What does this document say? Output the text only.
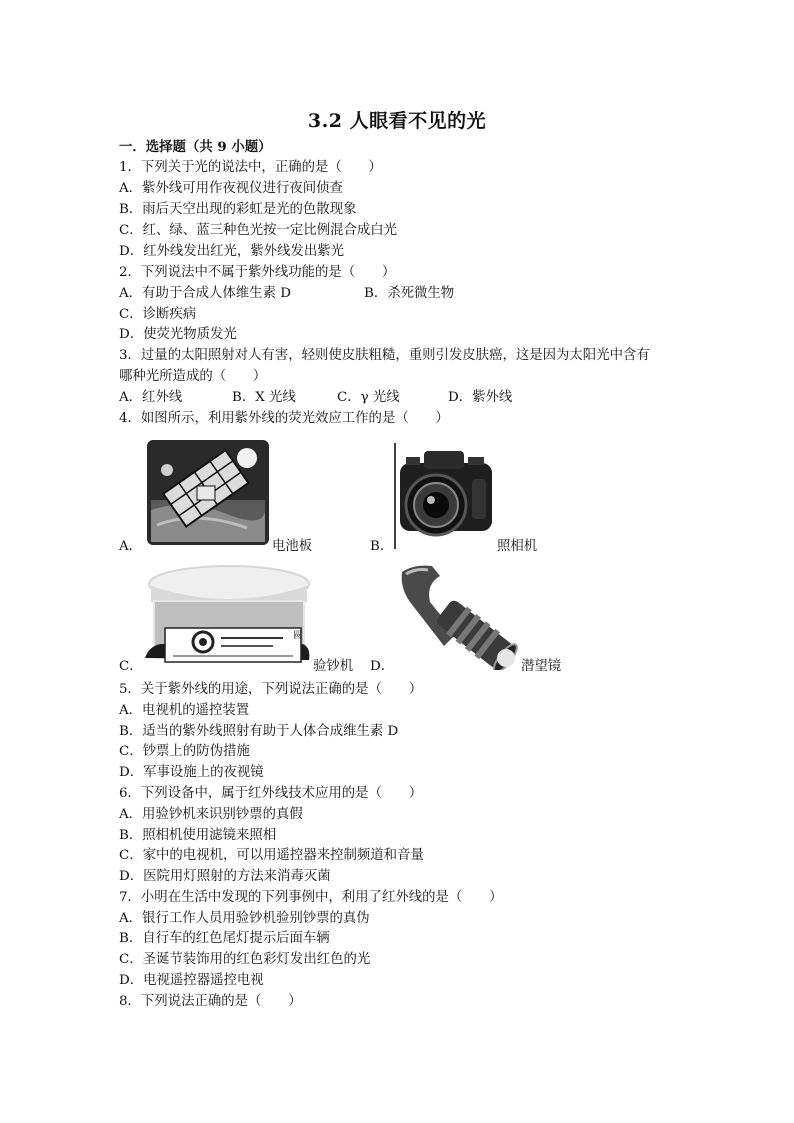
3.2 人眼看不见的光
一．选择题（共 9 小题）
1．下列关于光的说法中，正确的是（　　）
A．紫外线可用作夜视仪进行夜间侦查
B．雨后天空出现的彩虹是光的色散现象
C．红、绿、蓝三种色光按一定比例混合成白光
D．红外线发出红光，紫外线发出紫光
2．下列说法中不属于紫外线功能的是（　　）
A．有助于合成人体维生素 D	B．杀死微生物
C．诊断疾病
D．使荧光物质发光
3．过量的太阳照射对人有害，轻则使皮肤粗糙，重则引发皮肤癌，这是因为太阳光中含有
哪种光所造成的（　　）
A．红外线	B．X 光线	C．γ 光线	D．紫外线
4．如图所示，利用紫外线的荧光效应工作的是（　　）
A．	电池板	B．	照相机
圆
C．	验钞机 D．	潜望镜
5．关于紫外线的用途，下列说法正确的是（　　）
A．电视机的遥控装置
B．适当的紫外线照射有助于人体合成维生素 D
C．钞票上的防伪措施
D．军事设施上的夜视镜
6．下列设备中，属于红外线技术应用的是（　　）
A．用验钞机来识别钞票的真假
B．照相机使用滤镜来照相
C．家中的电视机，可以用遥控器来控制频道和音量
D．医院用灯照射的方法来消毒灭菌
7．小明在生活中发现的下列事例中，利用了红外线的是（　　）
A．银行工作人员用验钞机验别钞票的真伪
B．自行车的红色尾灯提示后面车辆
C．圣诞节装饰用的红色彩灯发出红色的光
D．电视遥控器遥控电视
8．下列说法正确的是（　　）
